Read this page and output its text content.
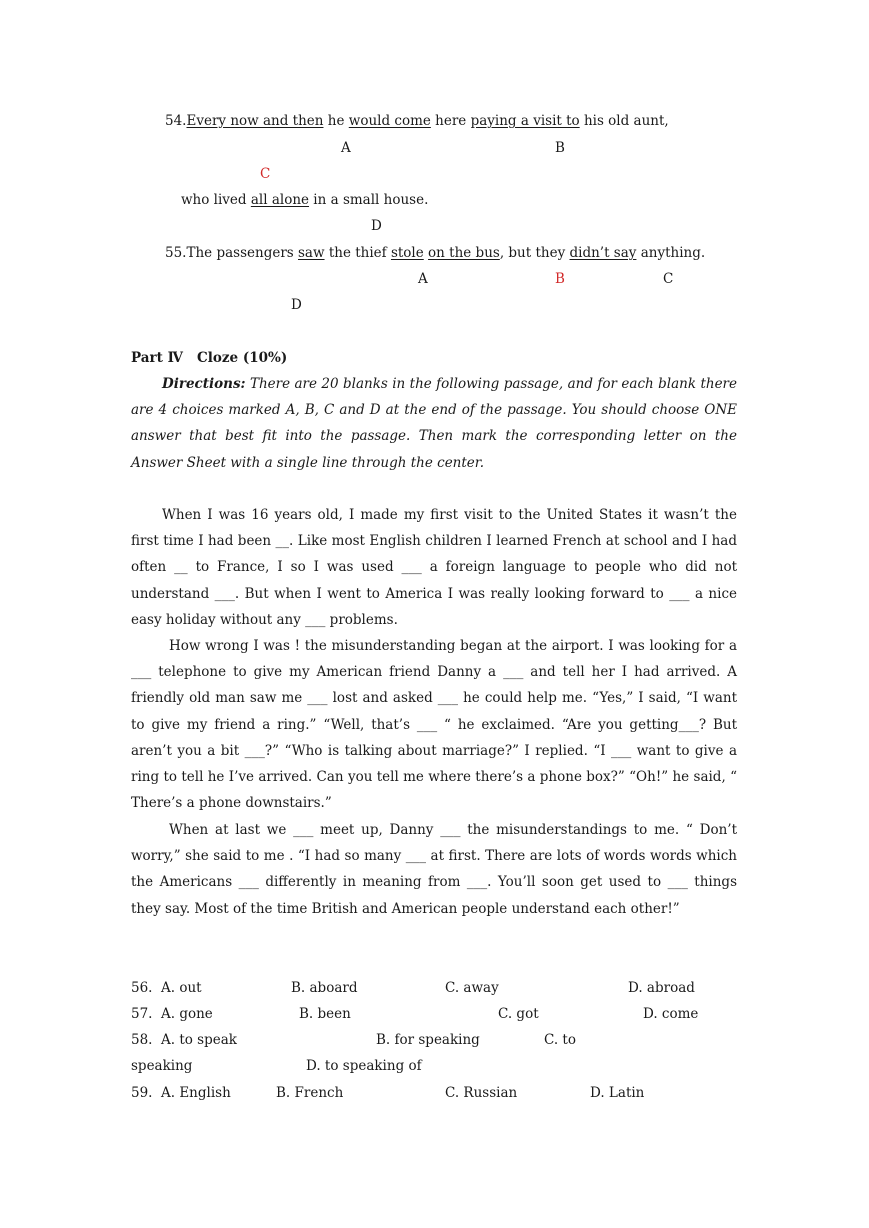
54.Every now and then he would come here paying a visit to his old aunt,
A	B
C
who lived all alone in a small house.
D
55.The passengers saw the thief stole on the bus, but they didn’t say anything.
A	B	C
D
Part Ⅳ   Cloze (10%)
Directions: There are 20 blanks in the following passage, and for each blank there are 4 choices marked A, B, C and D at the end of the passage. You should choose ONE answer that best fit into the passage. Then mark the corresponding letter on the Answer Sheet with a single line through the center.
When I was 16 years old, I made my first visit to the United States it wasn’t the first time I had been __. Like most English children I learned French at school and I had often __ to France, I so I was used ___ a foreign language to people who did not understand ___. But when I went to America I was really looking forward to ___ a nice easy holiday without any ___ problems.
How wrong I was ! the misunderstanding began at the airport. I was looking for a ___ telephone to give my American friend Danny a ___ and tell her I had arrived. A friendly old man saw me ___ lost and asked ___ he could help me. “Yes,” I said, “I want to give my friend a ring.” “Well, that’s ___ “ he exclaimed. “Are you getting___? But aren’t you a bit ___?” “Who is talking about marriage?” I replied. “I ___ want to give a ring to tell he I’ve arrived. Can you tell me where there’s a phone box?” “Oh!” he said, “ There’s a phone downstairs.”
When at last we ___ meet up, Danny ___ the misunderstandings to me. “ Don’t worry,” she said to me . “I had so many ___ at first. There are lots of words words which the Americans ___ differently in meaning from ___. You’ll soon get used to ___ things they say. Most of the time British and American people understand each other!”
56. A. out	B. aboard	C. away	D. abroad
57. A. gone	B. been	C. got	D. come
58. A. to speak	B. for speaking	C. to
speaking	D. to speaking of
59. A. English	B. French	C. Russian	D. Latin
